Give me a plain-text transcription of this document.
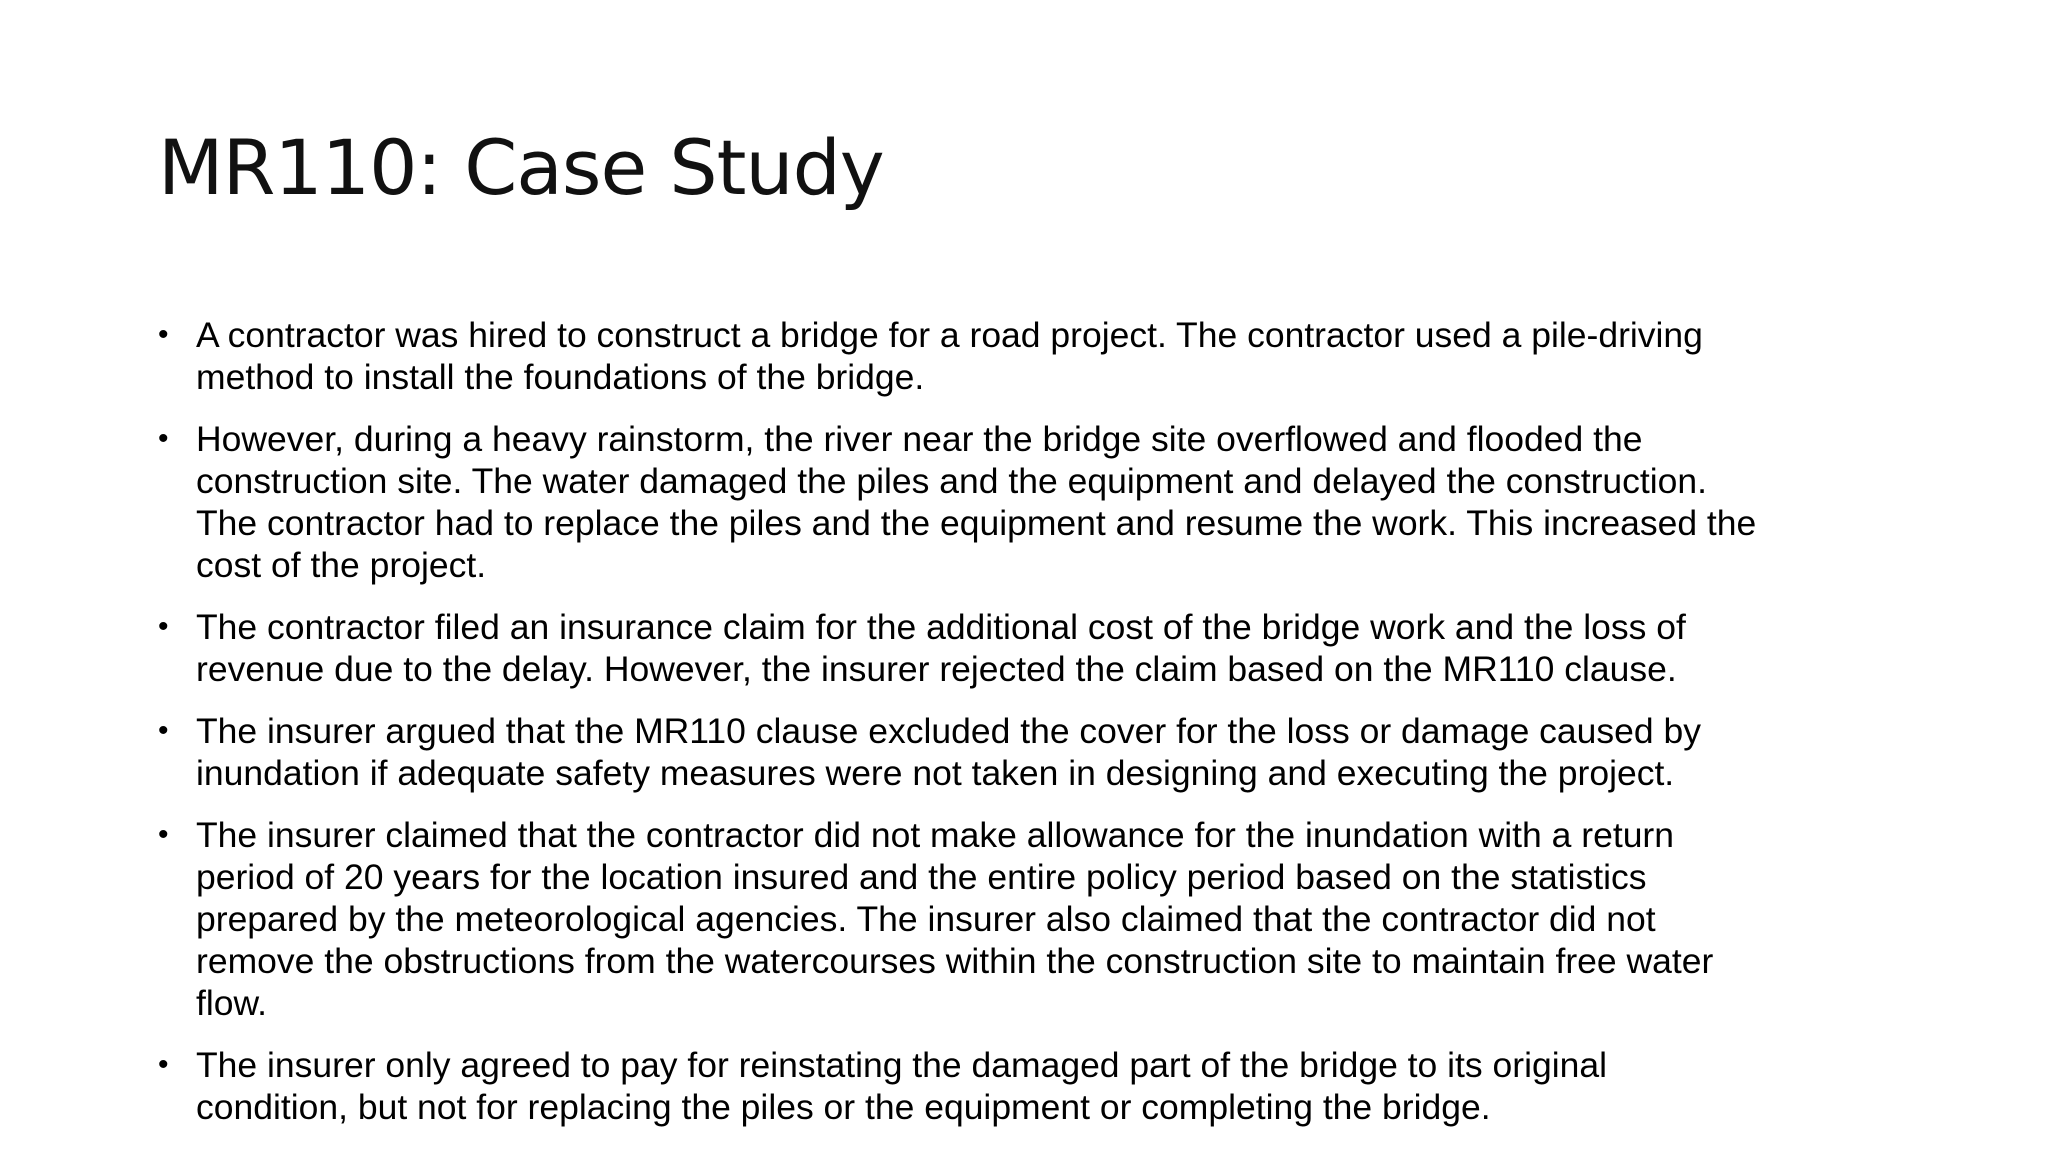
MR110: Case Study
• A contractor was hired to construct a bridge for a road project. The contractor used a pile-driving
method to install the foundations of the bridge.
• However, during a heavy rainstorm, the river near the bridge site overflowed and flooded the
construction site. The water damaged the piles and the equipment and delayed the construction.
The contractor had to replace the piles and the equipment and resume the work. This increased the
cost of the project.
• The contractor filed an insurance claim for the additional cost of the bridge work and the loss of
revenue due to the delay. However, the insurer rejected the claim based on the MR110 clause.
• The insurer argued that the MR110 clause excluded the cover for the loss or damage caused by
inundation if adequate safety measures were not taken in designing and executing the project.
• The insurer claimed that the contractor did not make allowance for the inundation with a return
period of 20 years for the location insured and the entire policy period based on the statistics
prepared by the meteorological agencies. The insurer also claimed that the contractor did not
remove the obstructions from the watercourses within the construction site to maintain free water
flow.
• The insurer only agreed to pay for reinstating the damaged part of the bridge to its original
condition, but not for replacing the piles or the equipment or completing the bridge.
